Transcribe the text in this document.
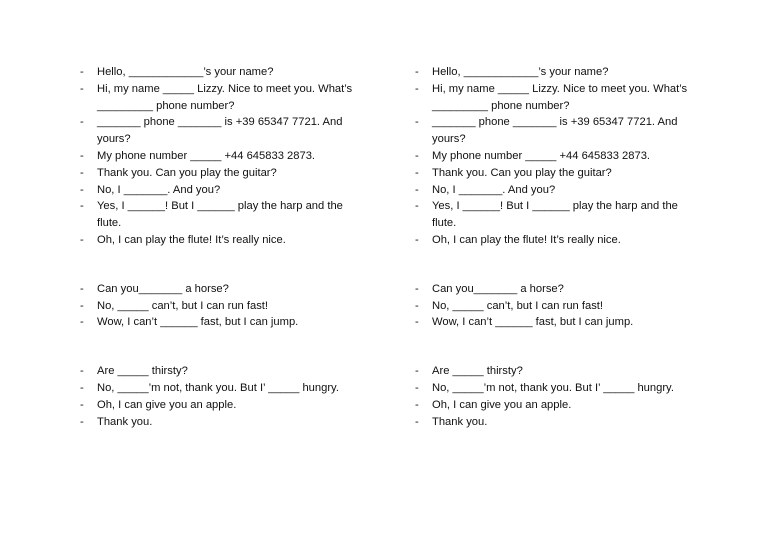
-	Hello, ____________’s your name?
-	Hi, my name _____ Lizzy. Nice to meet you. What’s _________ phone number?
-	_______ phone _______ is +39 65347 7721. And yours?
-	My phone number _____ +44 645833 2873.
-	Thank you. Can you play the guitar?
-	No, I _______. And you?
-	Yes, I ______! But I ______ play the harp and the flute.
-	Oh, I can play the flute! It’s really nice.
-	Can you_______ a horse?
-	No, _____ can’t, but I can run fast!
-	Wow, I can’t ______ fast, but I can jump.
-	Are _____ thirsty?
-	No, _____’m not, thank you. But I’ _____ hungry.
-	Oh, I can give you an apple.
-	Thank you.
-	Hello, ____________’s your name?
-	Hi, my name _____ Lizzy. Nice to meet you. What’s _________ phone number?
-	_______ phone _______ is +39 65347 7721. And yours?
-	My phone number _____ +44 645833 2873.
-	Thank you. Can you play the guitar?
-	No, I _______. And you?
-	Yes, I ______! But I ______ play the harp and the flute.
-	Oh, I can play the flute! It’s really nice.
-	Can you_______ a horse?
-	No, _____ can’t, but I can run fast!
-	Wow, I can’t ______ fast, but I can jump.
-	Are _____ thirsty?
-	No, _____’m not, thank you. But I’ _____ hungry.
-	Oh, I can give you an apple.
-	Thank you.
